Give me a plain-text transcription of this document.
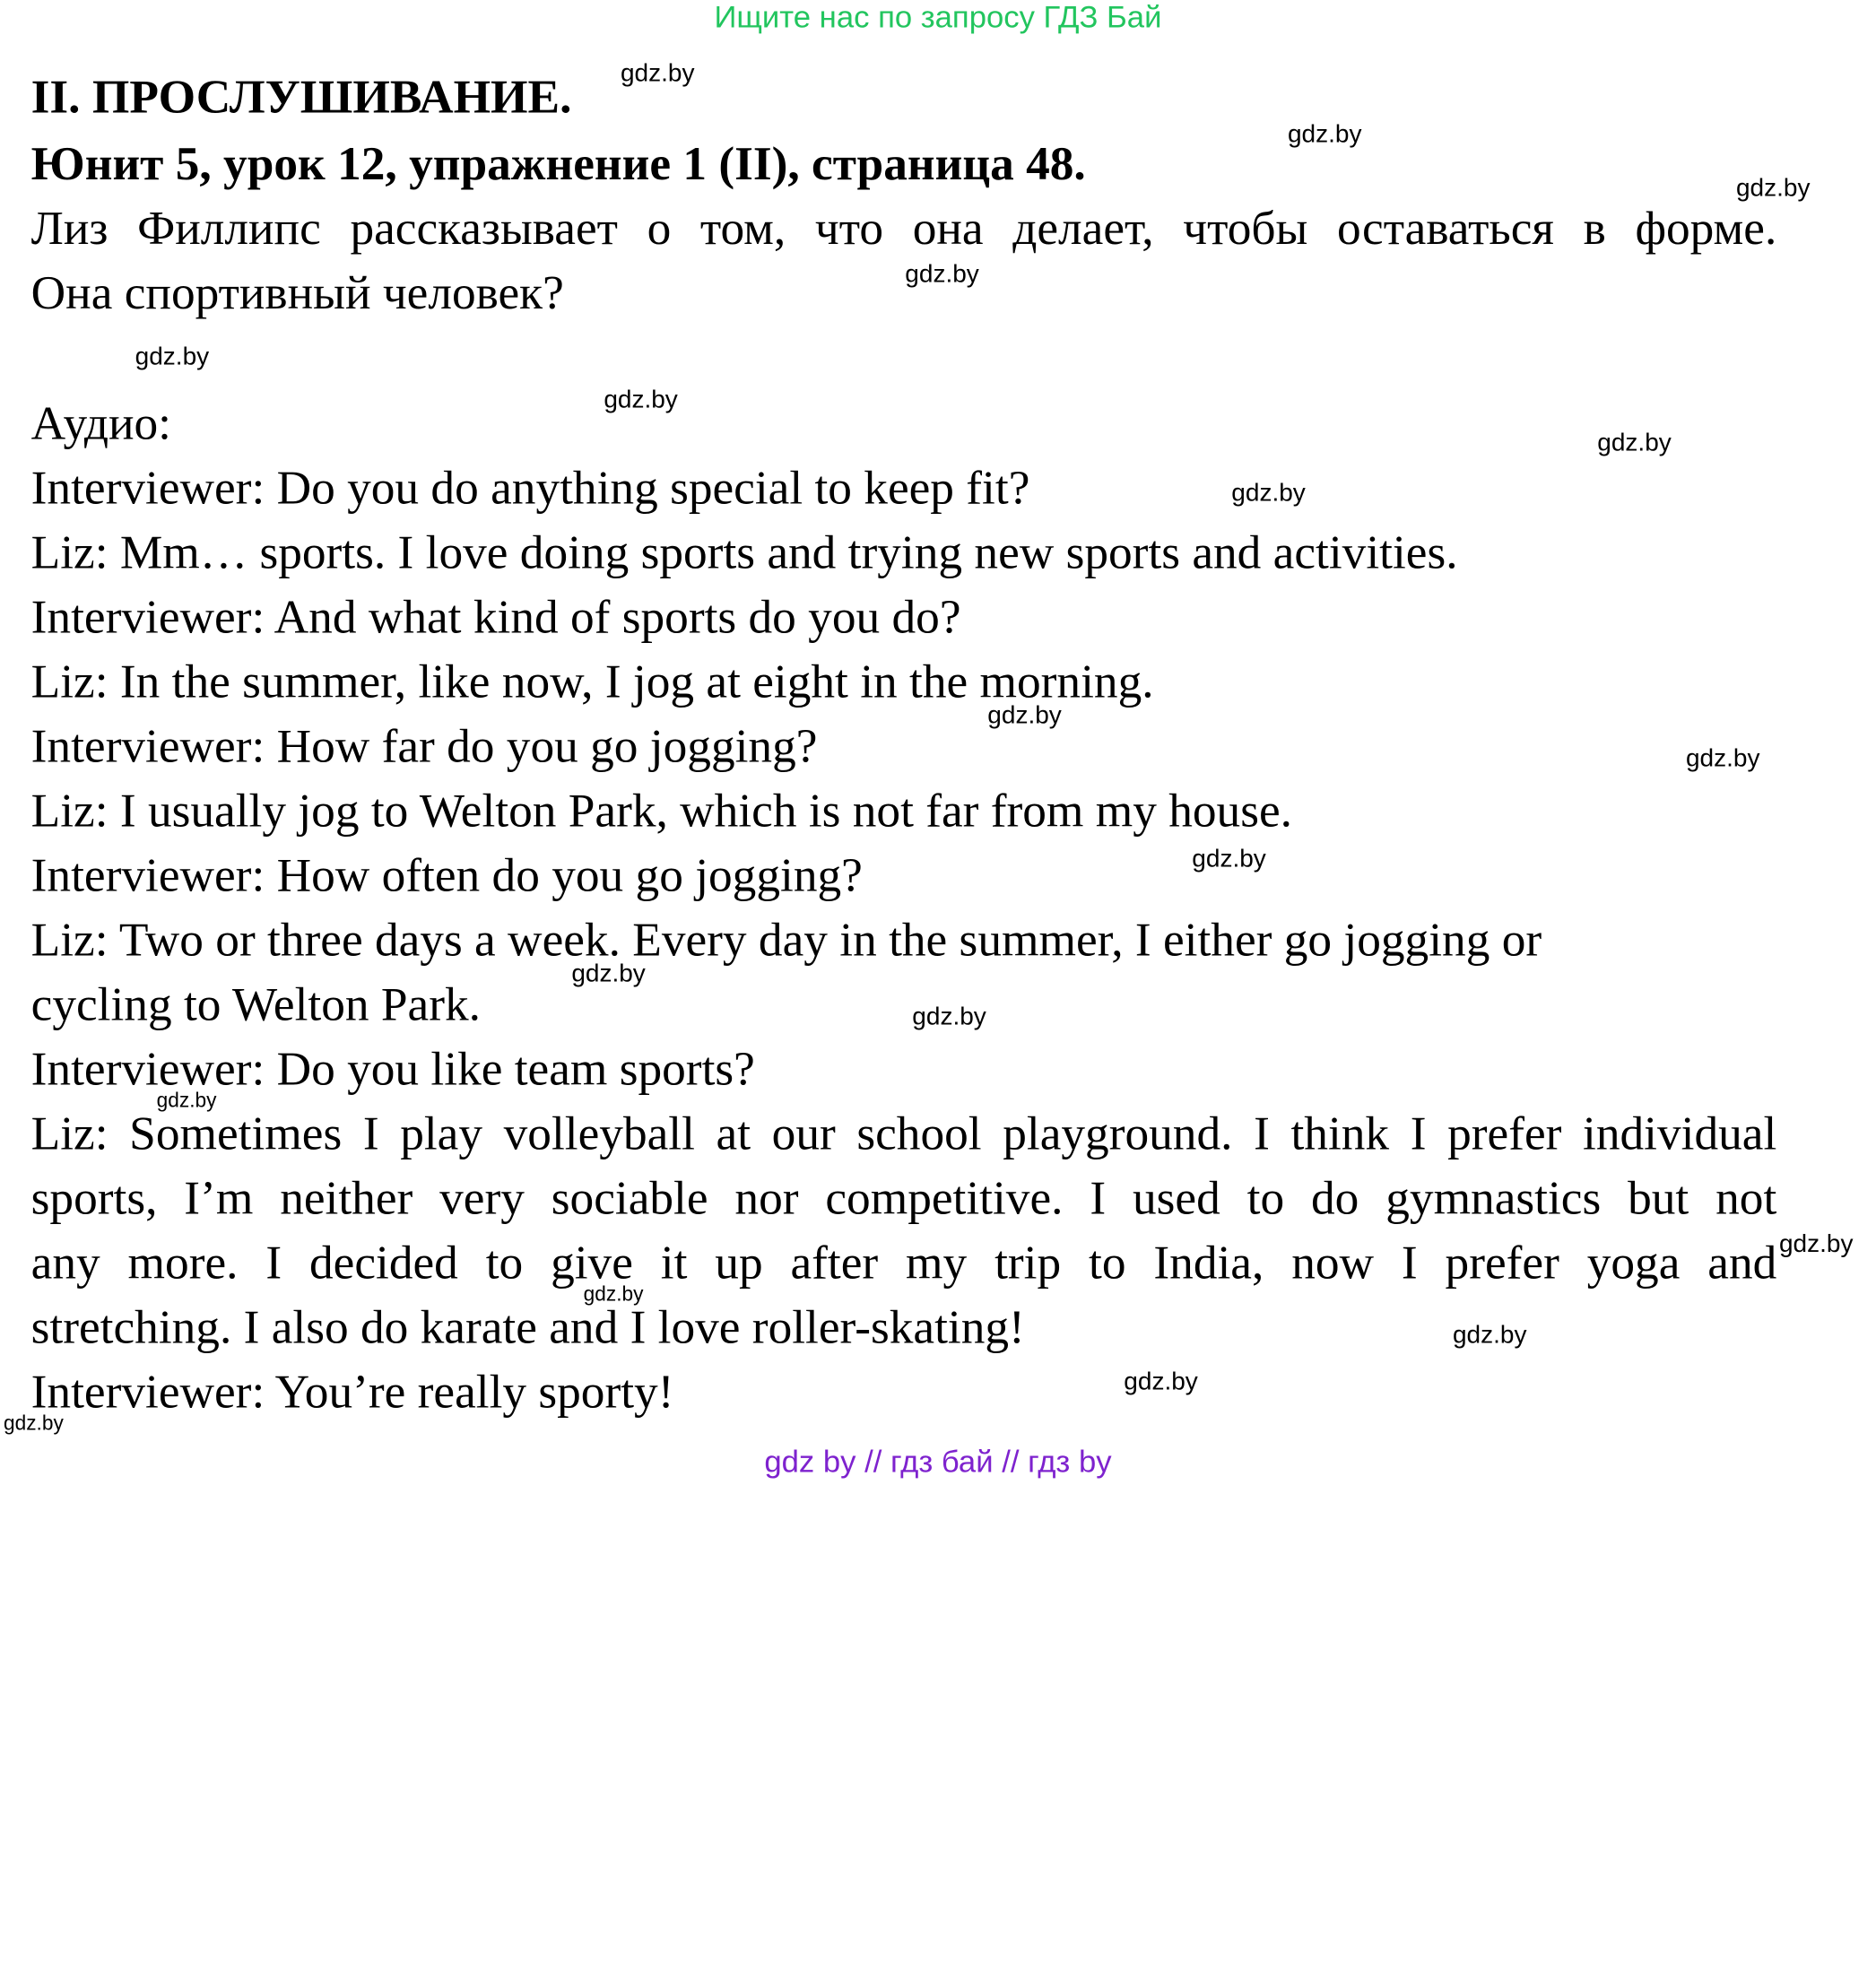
Ищите нас по запросу ГДЗ Бай
II. ПРОСЛУШИВАНИЕ.
Юнит 5, урок 12, упражнение 1 (II), страница 48.
Лиз Филлипс рассказывает о том, что она делает, чтобы оставаться в форме.
Она спортивный человек?
Аудио:
Interviewer: Do you do anything special to keep fit?
Liz: Mm… sports. I love doing sports and trying new sports and activities.
Interviewer: And what kind of sports do you do?
Liz: In the summer, like now, I jog at eight in the morning.
Interviewer: How far do you go jogging?
Liz: I usually jog to Welton Park, which is not far from my house.
Interviewer: How often do you go jogging?
Liz: Two or three days a week. Every day in the summer, I either go jogging or
cycling to Welton Park.
Interviewer: Do you like team sports?
Liz: Sometimes I play volleyball at our school playground. I think I prefer individual
sports, I’m neither very sociable nor competitive. I used to do gymnastics but not
any more. I decided to give it up after my trip to India, now I prefer yoga and
stretching. I also do karate and I love roller-skating!
Interviewer: You’re really sporty!
gdz.by
gdz.by
gdz.by
gdz.by
gdz.by
gdz.by
gdz.by
gdz.by
gdz.by
gdz.by
gdz.by
gdz.by
gdz.by
gdz.by
gdz.by
gdz.by
gdz.by
gdz.by
gdz.by
gdz by // гдз бай // гдз by
